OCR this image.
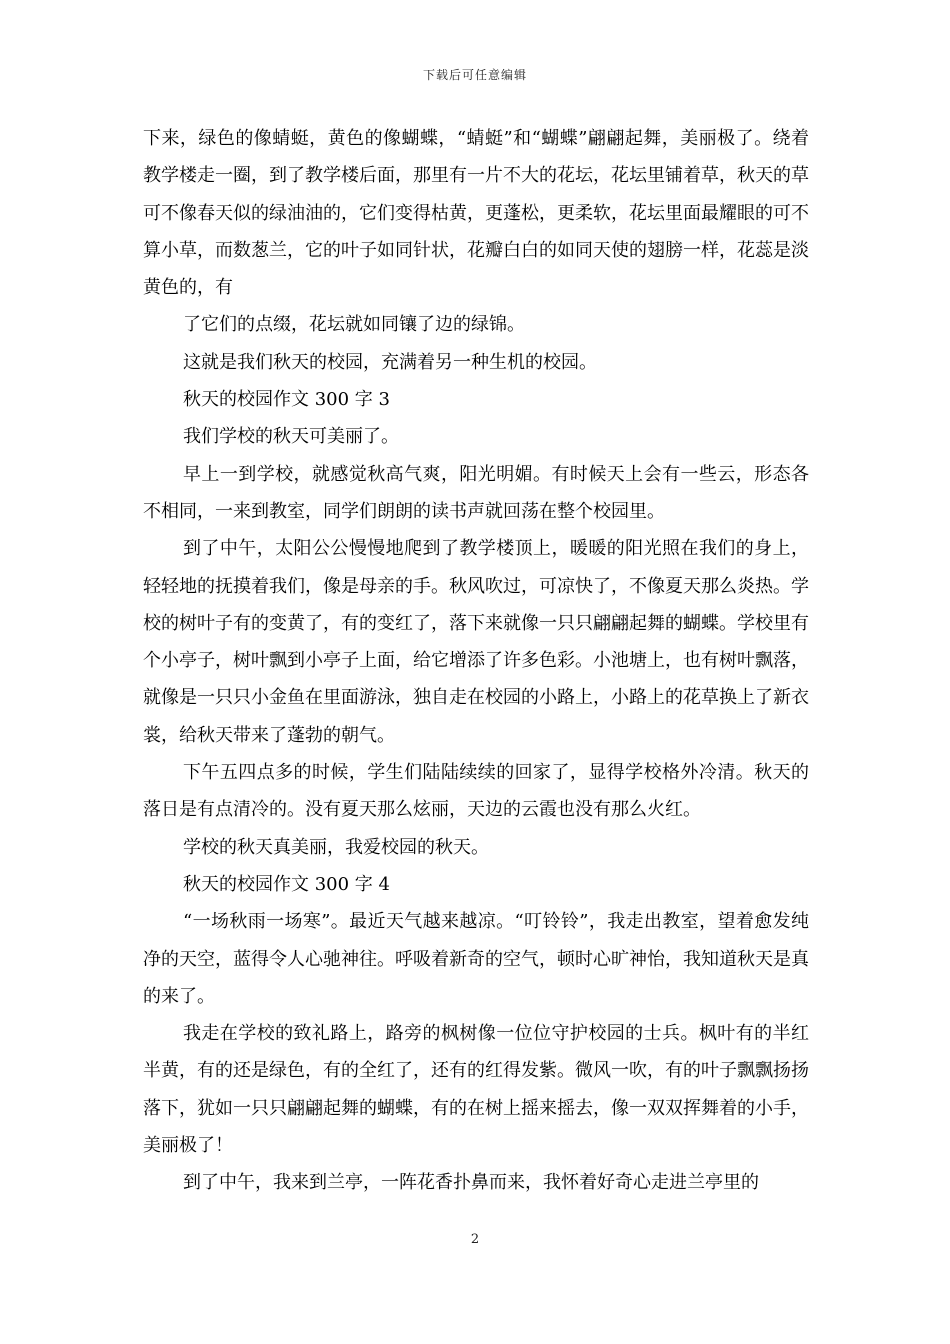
下载后可任意编辑

下来，绿色的像蜻蜓，黄色的像蝴蝶，“蜻蜓”和“蝴蝶”翩翩起舞，美丽极了。绕着教学楼走一圈，到了教学楼后面，那里有一片不大的花坛，花坛里铺着草，秋天的草可不像春天似的绿油油的，它们变得枯黄，更蓬松，更柔软，花坛里面最耀眼的可不算小草，而数葱兰，它的叶子如同针状，花瓣白白的如同天使的翅膀一样，花蕊是淡黄色的，有

了它们的点缀，花坛就如同镶了边的绿锦。

这就是我们秋天的校园，充满着另一种生机的校园。

秋天的校园作文 300 字 3

我们学校的秋天可美丽了。

早上一到学校，就感觉秋高气爽，阳光明媚。有时候天上会有一些云，形态各不相同，一来到教室，同学们朗朗的读书声就回荡在整个校园里。

到了中午，太阳公公慢慢地爬到了教学楼顶上，暖暖的阳光照在我们的身上，轻轻地的抚摸着我们，像是母亲的手。秋风吹过，可凉快了，不像夏天那么炎热。学校的树叶子有的变黄了，有的变红了，落下来就像一只只翩翩起舞的蝴蝶。学校里有个小亭子，树叶飘到小亭子上面，给它增添了许多色彩。小池塘上，也有树叶飘落，就像是一只只小金鱼在里面游泳，独自走在校园的小路上，小路上的花草换上了新衣裳，给秋天带来了蓬勃的朝气。

下午五四点多的时候，学生们陆陆续续的回家了，显得学校格外冷清。秋天的落日是有点清冷的。没有夏天那么炫丽，天边的云霞也没有那么火红。

学校的秋天真美丽，我爱校园的秋天。

秋天的校园作文 300 字 4

“一场秋雨一场寒”。最近天气越来越凉。“叮铃铃”，我走出教室，望着愈发纯净的天空，蓝得令人心驰神往。呼吸着新奇的空气，顿时心旷神怡，我知道秋天是真的来了。

我走在学校的致礼路上，路旁的枫树像一位位守护校园的士兵。枫叶有的半红半黄，有的还是绿色，有的全红了，还有的红得发紫。微风一吹，有的叶子飘飘扬扬落下，犹如一只只翩翩起舞的蝴蝶，有的在树上摇来摇去，像一双双挥舞着的小手，美丽极了！

到了中午，我来到兰亭，一阵花香扑鼻而来，我怀着好奇心走进兰亭里的

2
